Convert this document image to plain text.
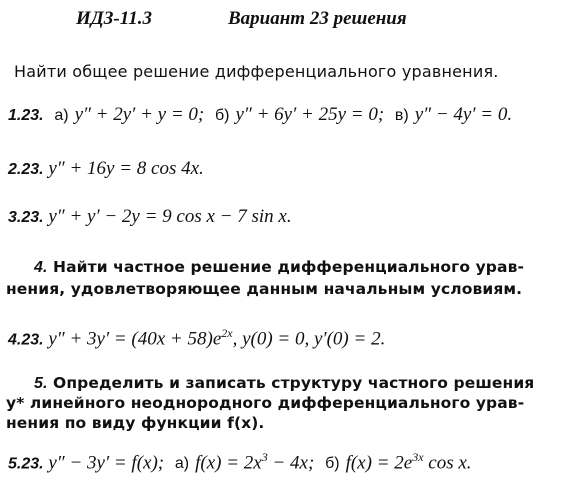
ИДЗ-11.3	Вариант 23 решения
Найти общее решение дифференциального уравнения.
1.23. а) y″ + 2y′ + y = 0; б) y″ + 6y′ + 25y = 0; в) y″ − 4y′ = 0.
2.23. y″ + 16y = 8 cos 4x.
3.23. y″ + y′ − 2y = 9 cos x − 7 sin x.
4. Найти частное решение дифференциального урав-
нения, удовлетворяющее данным начальным условиям.
4.23. $y'' + 3y' = (40x + 58)e^{2x}$, y(0) = 0, y′(0) = 2.
5. Определить и записать структуру частного решения
y* линейного неоднородного дифференциального урав-
нения по виду функции f(x).
5.23. y″ − 3y′ = f(x); а) $f(x) = 2x^3 - 4x$; б) $f(x) = 2e^{3x}$ cos x.
